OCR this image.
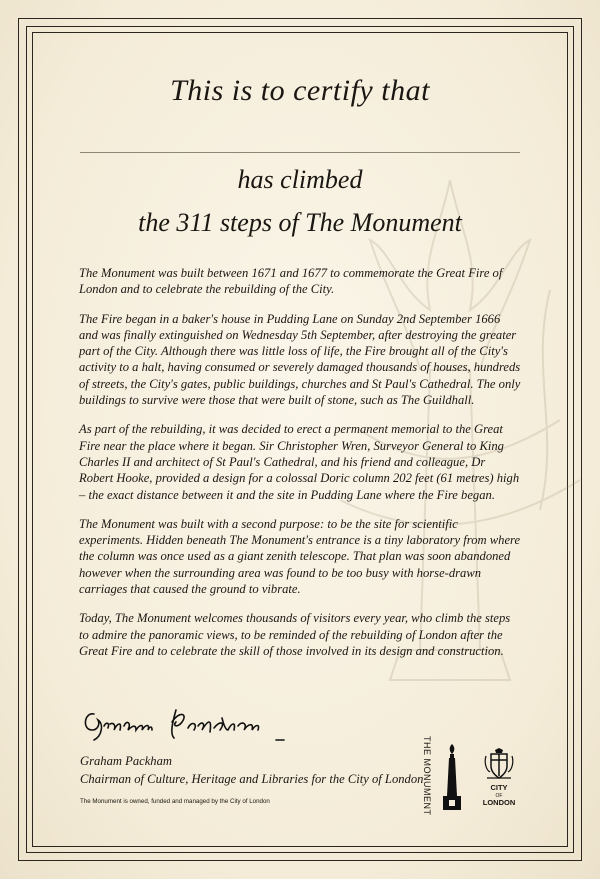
This is to certify that
has climbed
the 311 steps of The Monument

The Monument was built between 1671 and 1677 to commemorate the Great Fire of London and to celebrate the rebuilding of the City.

The Fire began in a baker's house in Pudding Lane on Sunday 2nd September 1666 and was finally extinguished on Wednesday 5th September, after destroying the greater part of the City. Although there was little loss of life, the Fire brought all of the City's activity to a halt, having consumed or severely damaged thousands of houses, hundreds of streets, the City's gates, public buildings, churches and St Paul's Cathedral. The only buildings to survive were those that were built of stone, such as The Guildhall.

As part of the rebuilding, it was decided to erect a permanent memorial to the Great Fire near the place where it began. Sir Christopher Wren, Surveyor General to King Charles II and architect of St Paul's Cathedral, and his friend and colleague, Dr Robert Hooke, provided a design for a colossal Doric column 202 feet (61 metres) high – the exact distance between it and the site in Pudding Lane where the Fire began.

The Monument was built with a second purpose: to be the site for scientific experiments. Hidden beneath The Monument's entrance is a tiny laboratory from where the column was once used as a giant zenith telescope. That plan was soon abandoned however when the surrounding area was found to be too busy with horse-drawn carriages that caused the ground to vibrate.

Today, The Monument welcomes thousands of visitors every year, who climb the steps to admire the panoramic views, to be reminded of the rebuilding of London after the Great Fire and to celebrate the skill of those involved in its design and construction.

Graham Packham
Chairman of Culture, Heritage and Libraries for the City of London
The Monument is owned, funded and managed by the City of London	THE MONUMENT	CITY
OF
LONDON
